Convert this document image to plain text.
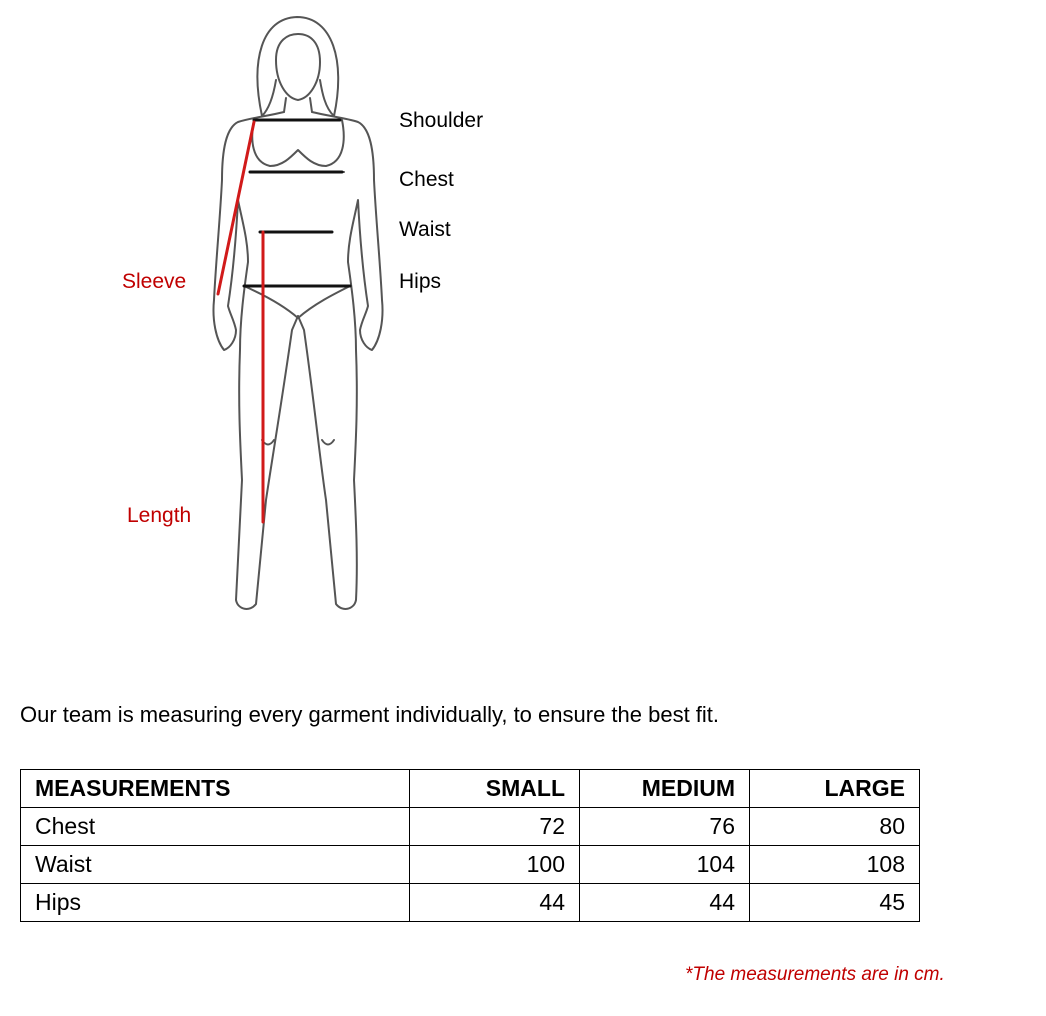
Shoulder
Chest
Waist
Hips
Sleeve
Length
Our team is measuring every garment individually, to ensure the best fit.
MEASUREMENTS	SMALL	MEDIUM	LARGE
Chest	72	76	80
Waist	100	104	108
Hips	44	44	45
*The measurements are in cm.
